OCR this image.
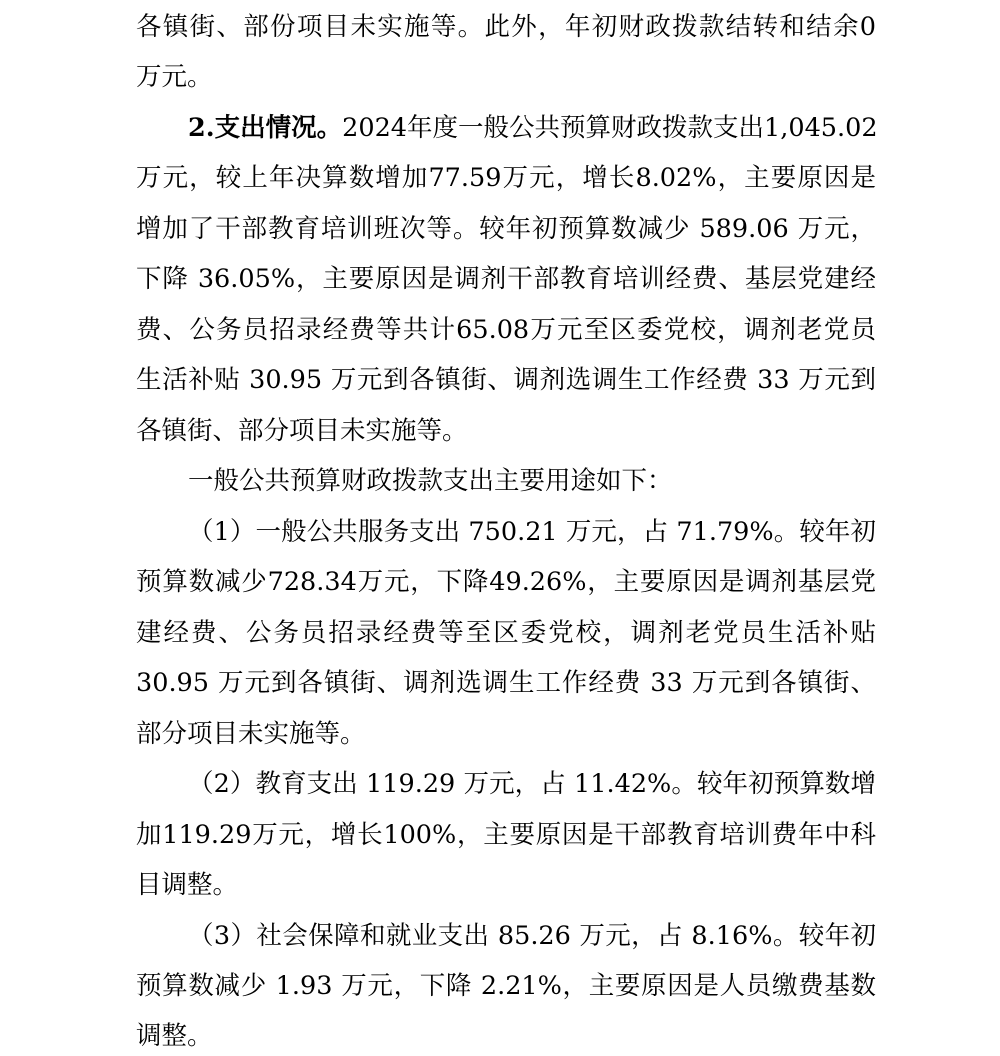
各镇街、部份项目未实施等。此外，年初财政拨款结转和结余0
万元。
2.支出情况。2024年度一般公共预算财政拨款支出1,045.02
万元，较上年决算数增加77.59万元，增长8.02%，主要原因是
增加了干部教育培训班次等。较年初预算数减少 589.06 万元，
下降 36.05%，主要原因是调剂干部教育培训经费、基层党建经
费、公务员招录经费等共计65.08万元至区委党校，调剂老党员
生活补贴 30.95 万元到各镇街、调剂选调生工作经费 33 万元到
各镇街、部分项目未实施等。
一般公共预算财政拨款支出主要用途如下：
（1）一般公共服务支出 750.21 万元，占 71.79%。较年初
预算数减少728.34万元，下降49.26%，主要原因是调剂基层党
建经费、公务员招录经费等至区委党校，调剂老党员生活补贴
30.95 万元到各镇街、调剂选调生工作经费 33 万元到各镇街、
部分项目未实施等。
（2）教育支出 119.29 万元，占 11.42%。较年初预算数增
加119.29万元，增长100%，主要原因是干部教育培训费年中科
目调整。
（3）社会保障和就业支出 85.26 万元，占 8.16%。较年初
预算数减少 1.93 万元，下降 2.21%，主要原因是人员缴费基数
调整。
